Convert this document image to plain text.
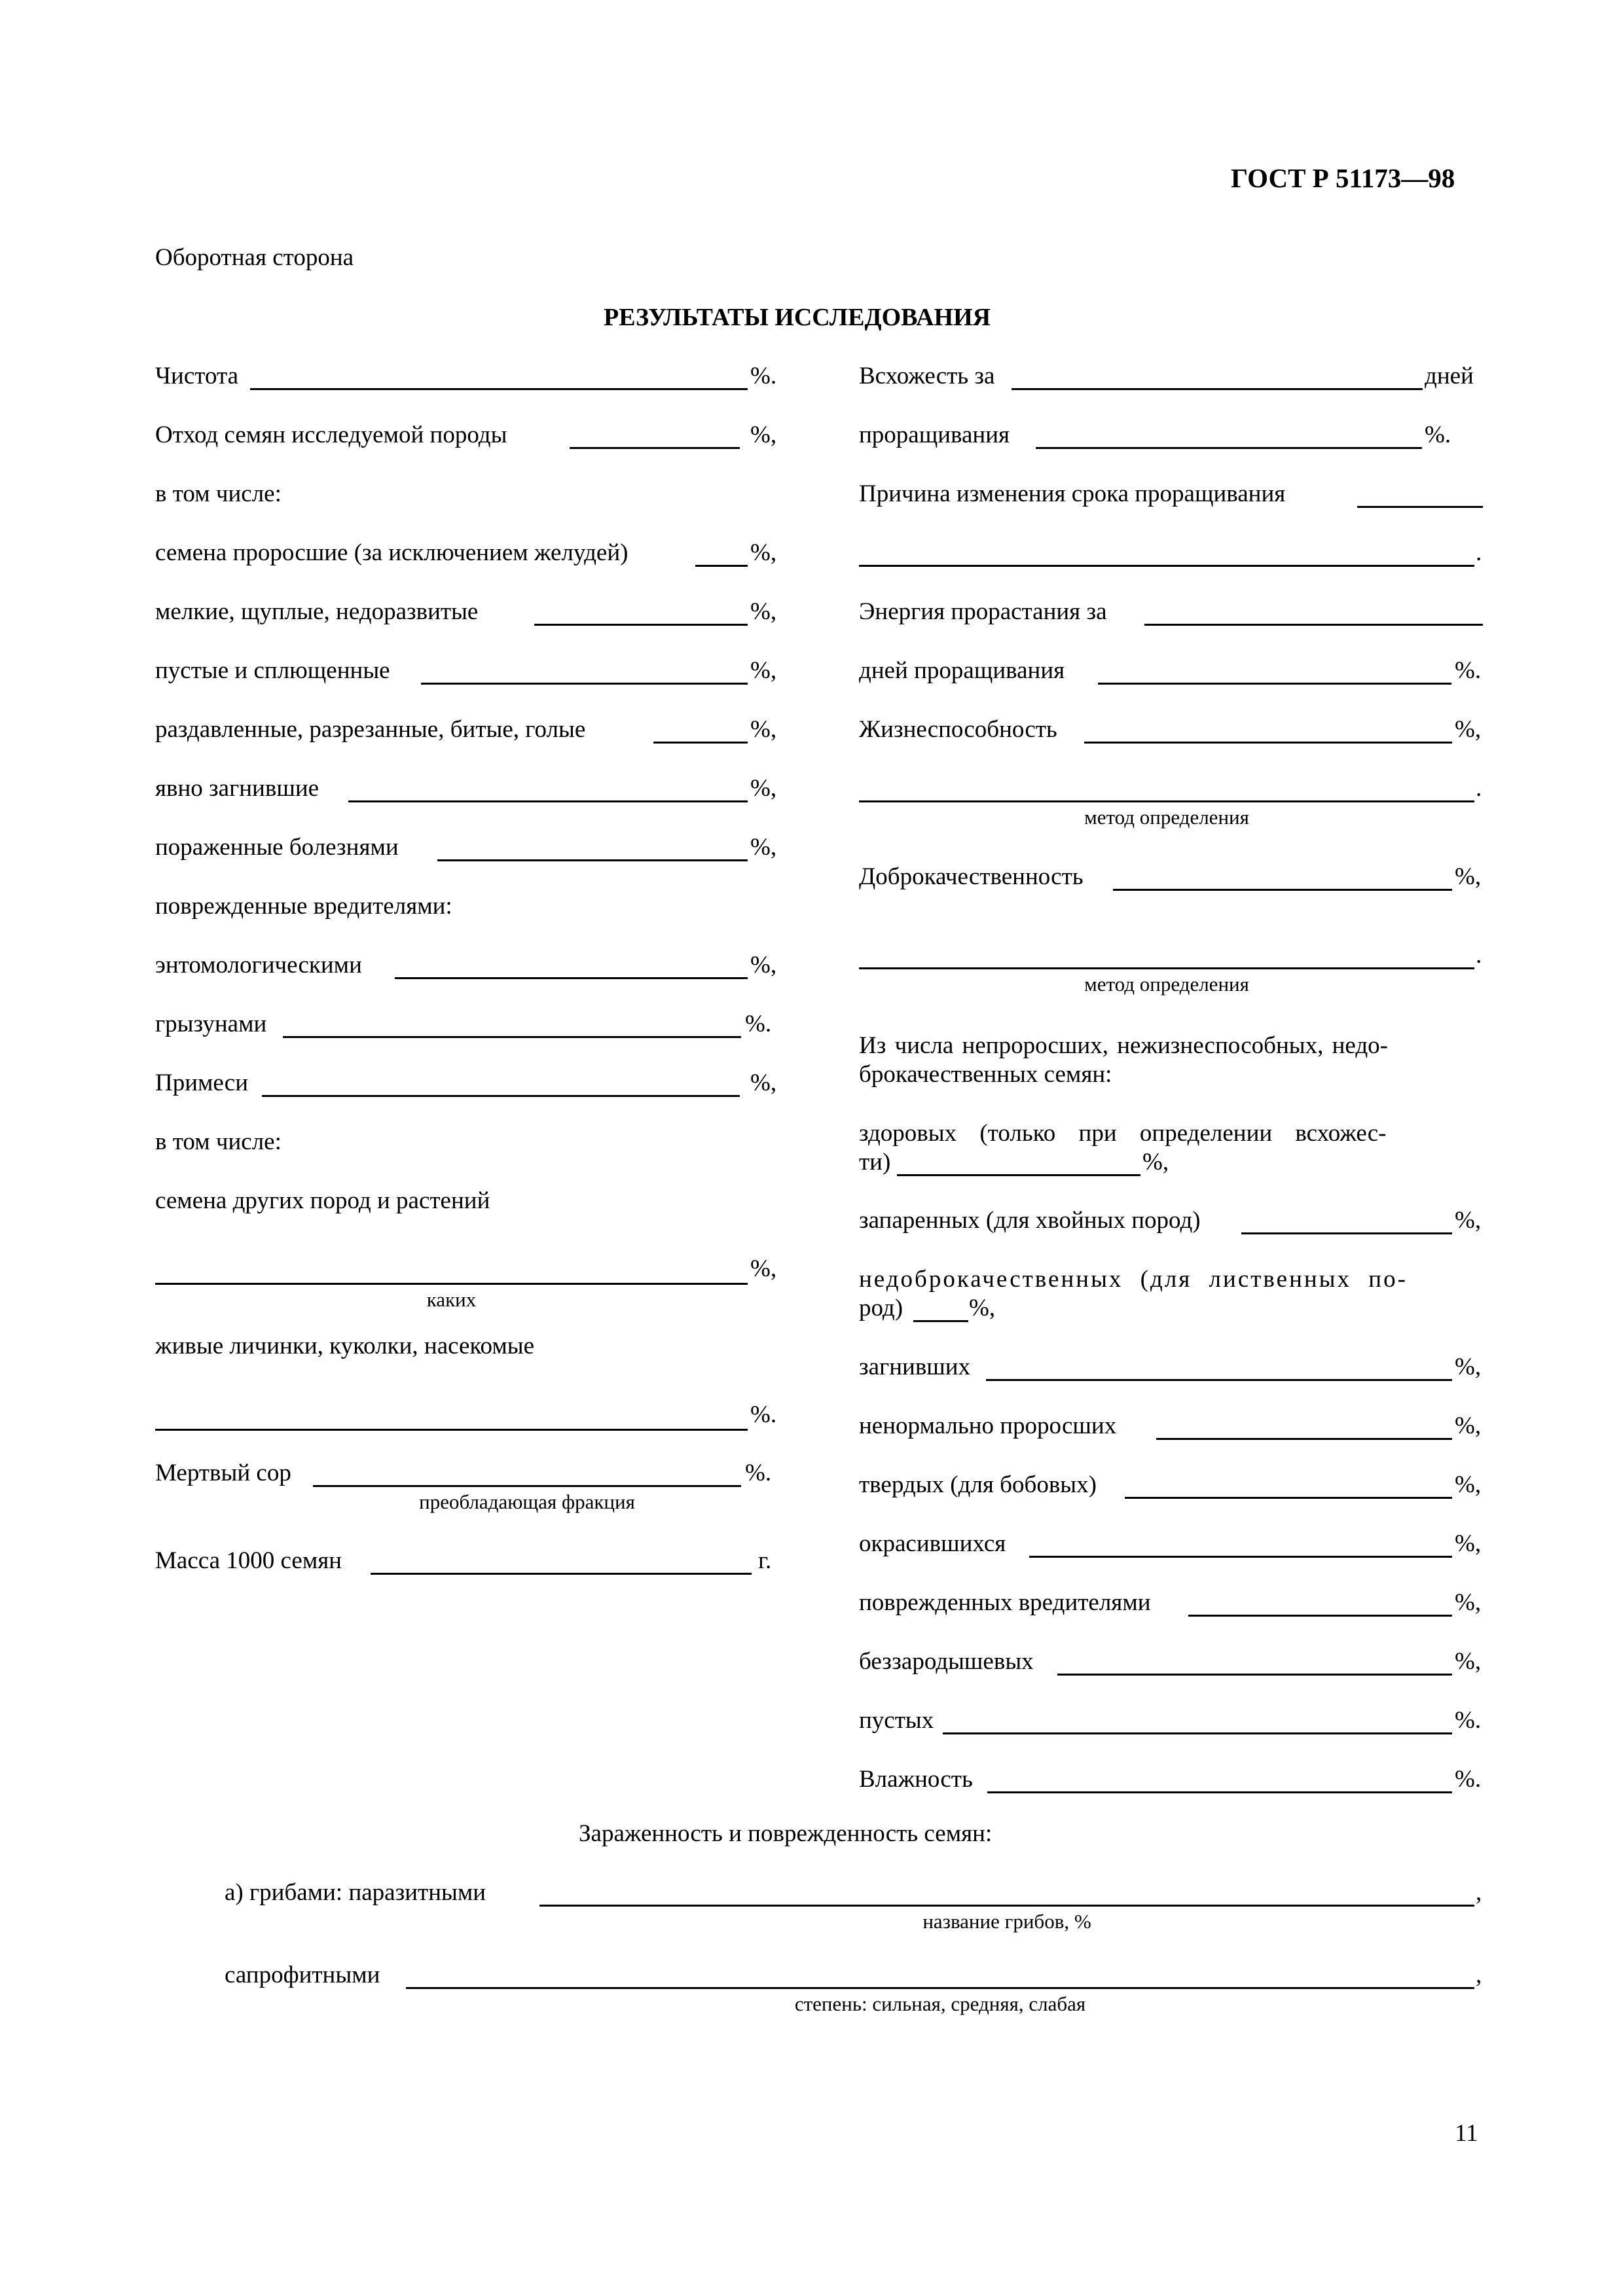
ГОСТ Р 51173—98
Оборотная сторона
РЕЗУЛЬТАТЫ ИССЛЕДОВАНИЯ
Чистота	%.
Отход семян исследуемой породы	%,
в том числе:
семена проросшие (за исключением желудей)	%,
мелкие, щуплые, недоразвитые	%,
пустые и сплющенные	%,
раздавленные, разрезанные, битые, голые	%,
явно загнившие	%,
пораженные болезнями	%,
поврежденные вредителями:
энтомологическими	%,
грызунами	%.
Примеси	%,
в том числе:
семена других пород и растений
%,
каких
живые личинки, куколки, насекомые
%.
Мертвый сор	%.
преобладающая фракция
Масса 1000 семян	г.
Всхожесть за	дней
проращивания	%.
Причина изменения срока проращивания
.
Энергия прорастания за
дней проращивания	%.
Жизнеспособность	%,
.
метод определения
Доброкачественность	%,
.
метод определения
Из числа непроросших, нежизнеспособных, недо-
брокачественных семян:
здоровых (только при определении всхожес-
ти)	%,
запаренных (для хвойных пород)	%,
недоброкачественных (для лиственных по-
род)	%,
загнивших	%,
ненормально проросших	%,
твердых (для бобовых)	%,
окрасившихся	%,
поврежденных вредителями	%,
беззародышевых	%,
пустых	%.
Влажность	%.
Зараженность и поврежденность семян:
а) грибами: паразитными	,
название грибов, %
сапрофитными	,
степень: сильная, средняя, слабая
11
